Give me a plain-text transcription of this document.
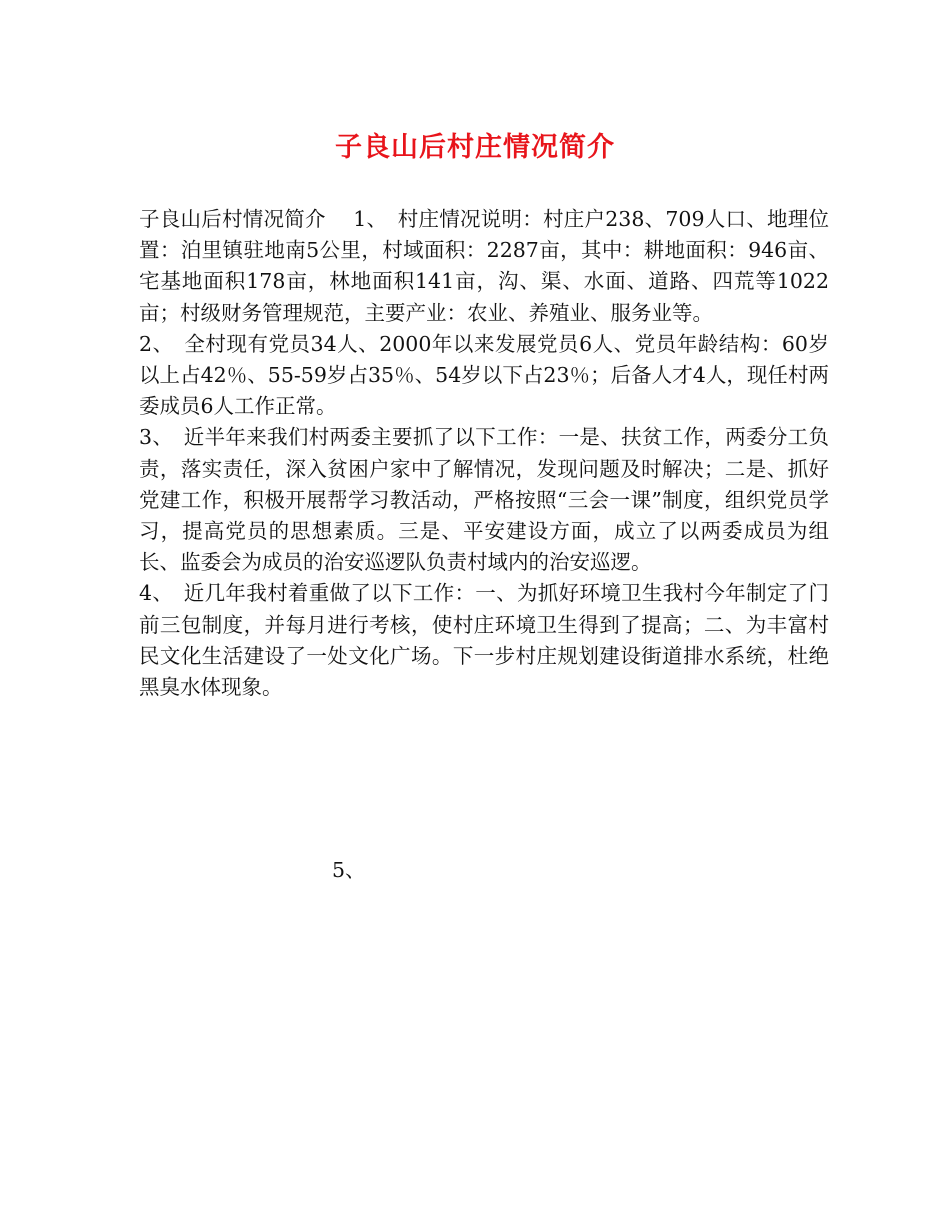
子良山后村庄情况简介

子良山后村情况简介　 1、　村庄情况说明：村庄户238、709人口、地理位置：泊里镇驻地南5公里，村域面积：2287亩，其中：耕地面积：946亩、宅基地面积178亩，林地面积141亩，沟、渠、水面、道路、四荒等1022亩；村级财务管理规范，主要产业：农业、养殖业、服务业等。

2、　全村现有党员34人、2000年以来发展党员6人、党员年龄结构：60岁以上占42％、55-59岁占35％、54岁以下占23％；后备人才4人，现任村两委成员6人工作正常。

3、　近半年来我们村两委主要抓了以下工作：一是、扶贫工作，两委分工负责，落实责任，深入贫困户家中了解情况，发现问题及时解决；二是、抓好党建工作，积极开展帮学习教活动，严格按照“三会一课”制度，组织党员学习，提高党员的思想素质。三是、平安建设方面，成立了以两委成员为组长、监委会为成员的治安巡逻队负责村域内的治安巡逻。

4、　近几年我村着重做了以下工作：一、为抓好环境卫生我村今年制定了门前三包制度，并每月进行考核，使村庄环境卫生得到了提高；二、为丰富村民文化生活建设了一处文化广场。下一步村庄规划建设街道排水系统，杜绝黑臭水体现象。

5、
